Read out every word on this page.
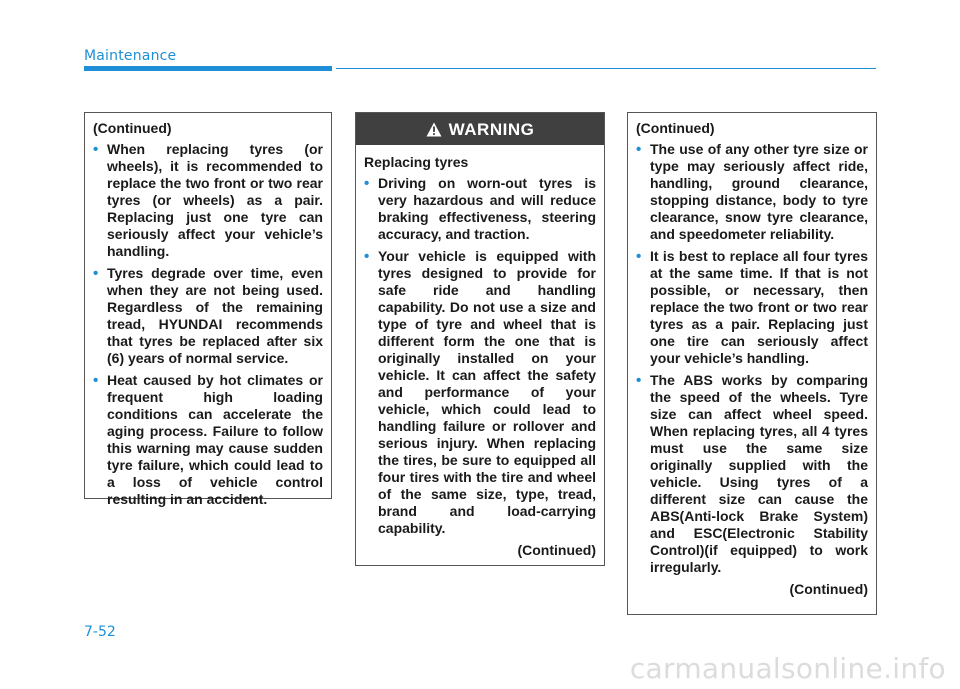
Maintenance
(Continued)
• When replacing tyres (or wheels), it is recommended to replace the two front or two rear tyres (or wheels) as a pair. Replacing just one tyre can seriously affect your vehicle’s handling.
• Tyres degrade over time, even when they are not being used. Regardless of the remaining tread, HYUNDAI recommends that tyres be replaced after six (6) years of normal service.
• Heat caused by hot climates or frequent high loading conditions can accelerate the aging process. Failure to follow this warning may cause sudden tyre failure, which could lead to a loss of vehicle control resulting in an accident.
WARNING
Replacing tyres
• Driving on worn-out tyres is very hazardous and will reduce braking effectiveness, steering accuracy, and traction.
• Your vehicle is equipped with tyres designed to provide for safe ride and handling capability. Do not use a size and type of tyre and wheel that is different form the one that is originally installed on your vehicle. It can affect the safety and performance of your vehicle, which could lead to handling failure or rollover and serious injury. When replacing the tires, be sure to equipped all four tires with the tire and wheel of the same size, type, tread, brand and load-carrying capability.
(Continued)
(Continued)
• The use of any other tyre size or type may seriously affect ride, handling, ground clearance, stopping distance, body to tyre clearance, snow tyre clearance, and speedometer reliability.
• It is best to replace all four tyres at the same time. If that is not possible, or necessary, then replace the two front or two rear tyres as a pair. Replacing just one tire can seriously affect your vehicle’s handling.
• The ABS works by comparing the speed of the wheels. Tyre size can affect wheel speed. When replacing tyres, all 4 tyres must use the same size originally supplied with the vehicle. Using tyres of a different size can cause the ABS(Anti-lock Brake System) and ESC(Electronic Stability Control)(if equipped) to work irregularly.
(Continued)
7-52
carmanualsonline.info
